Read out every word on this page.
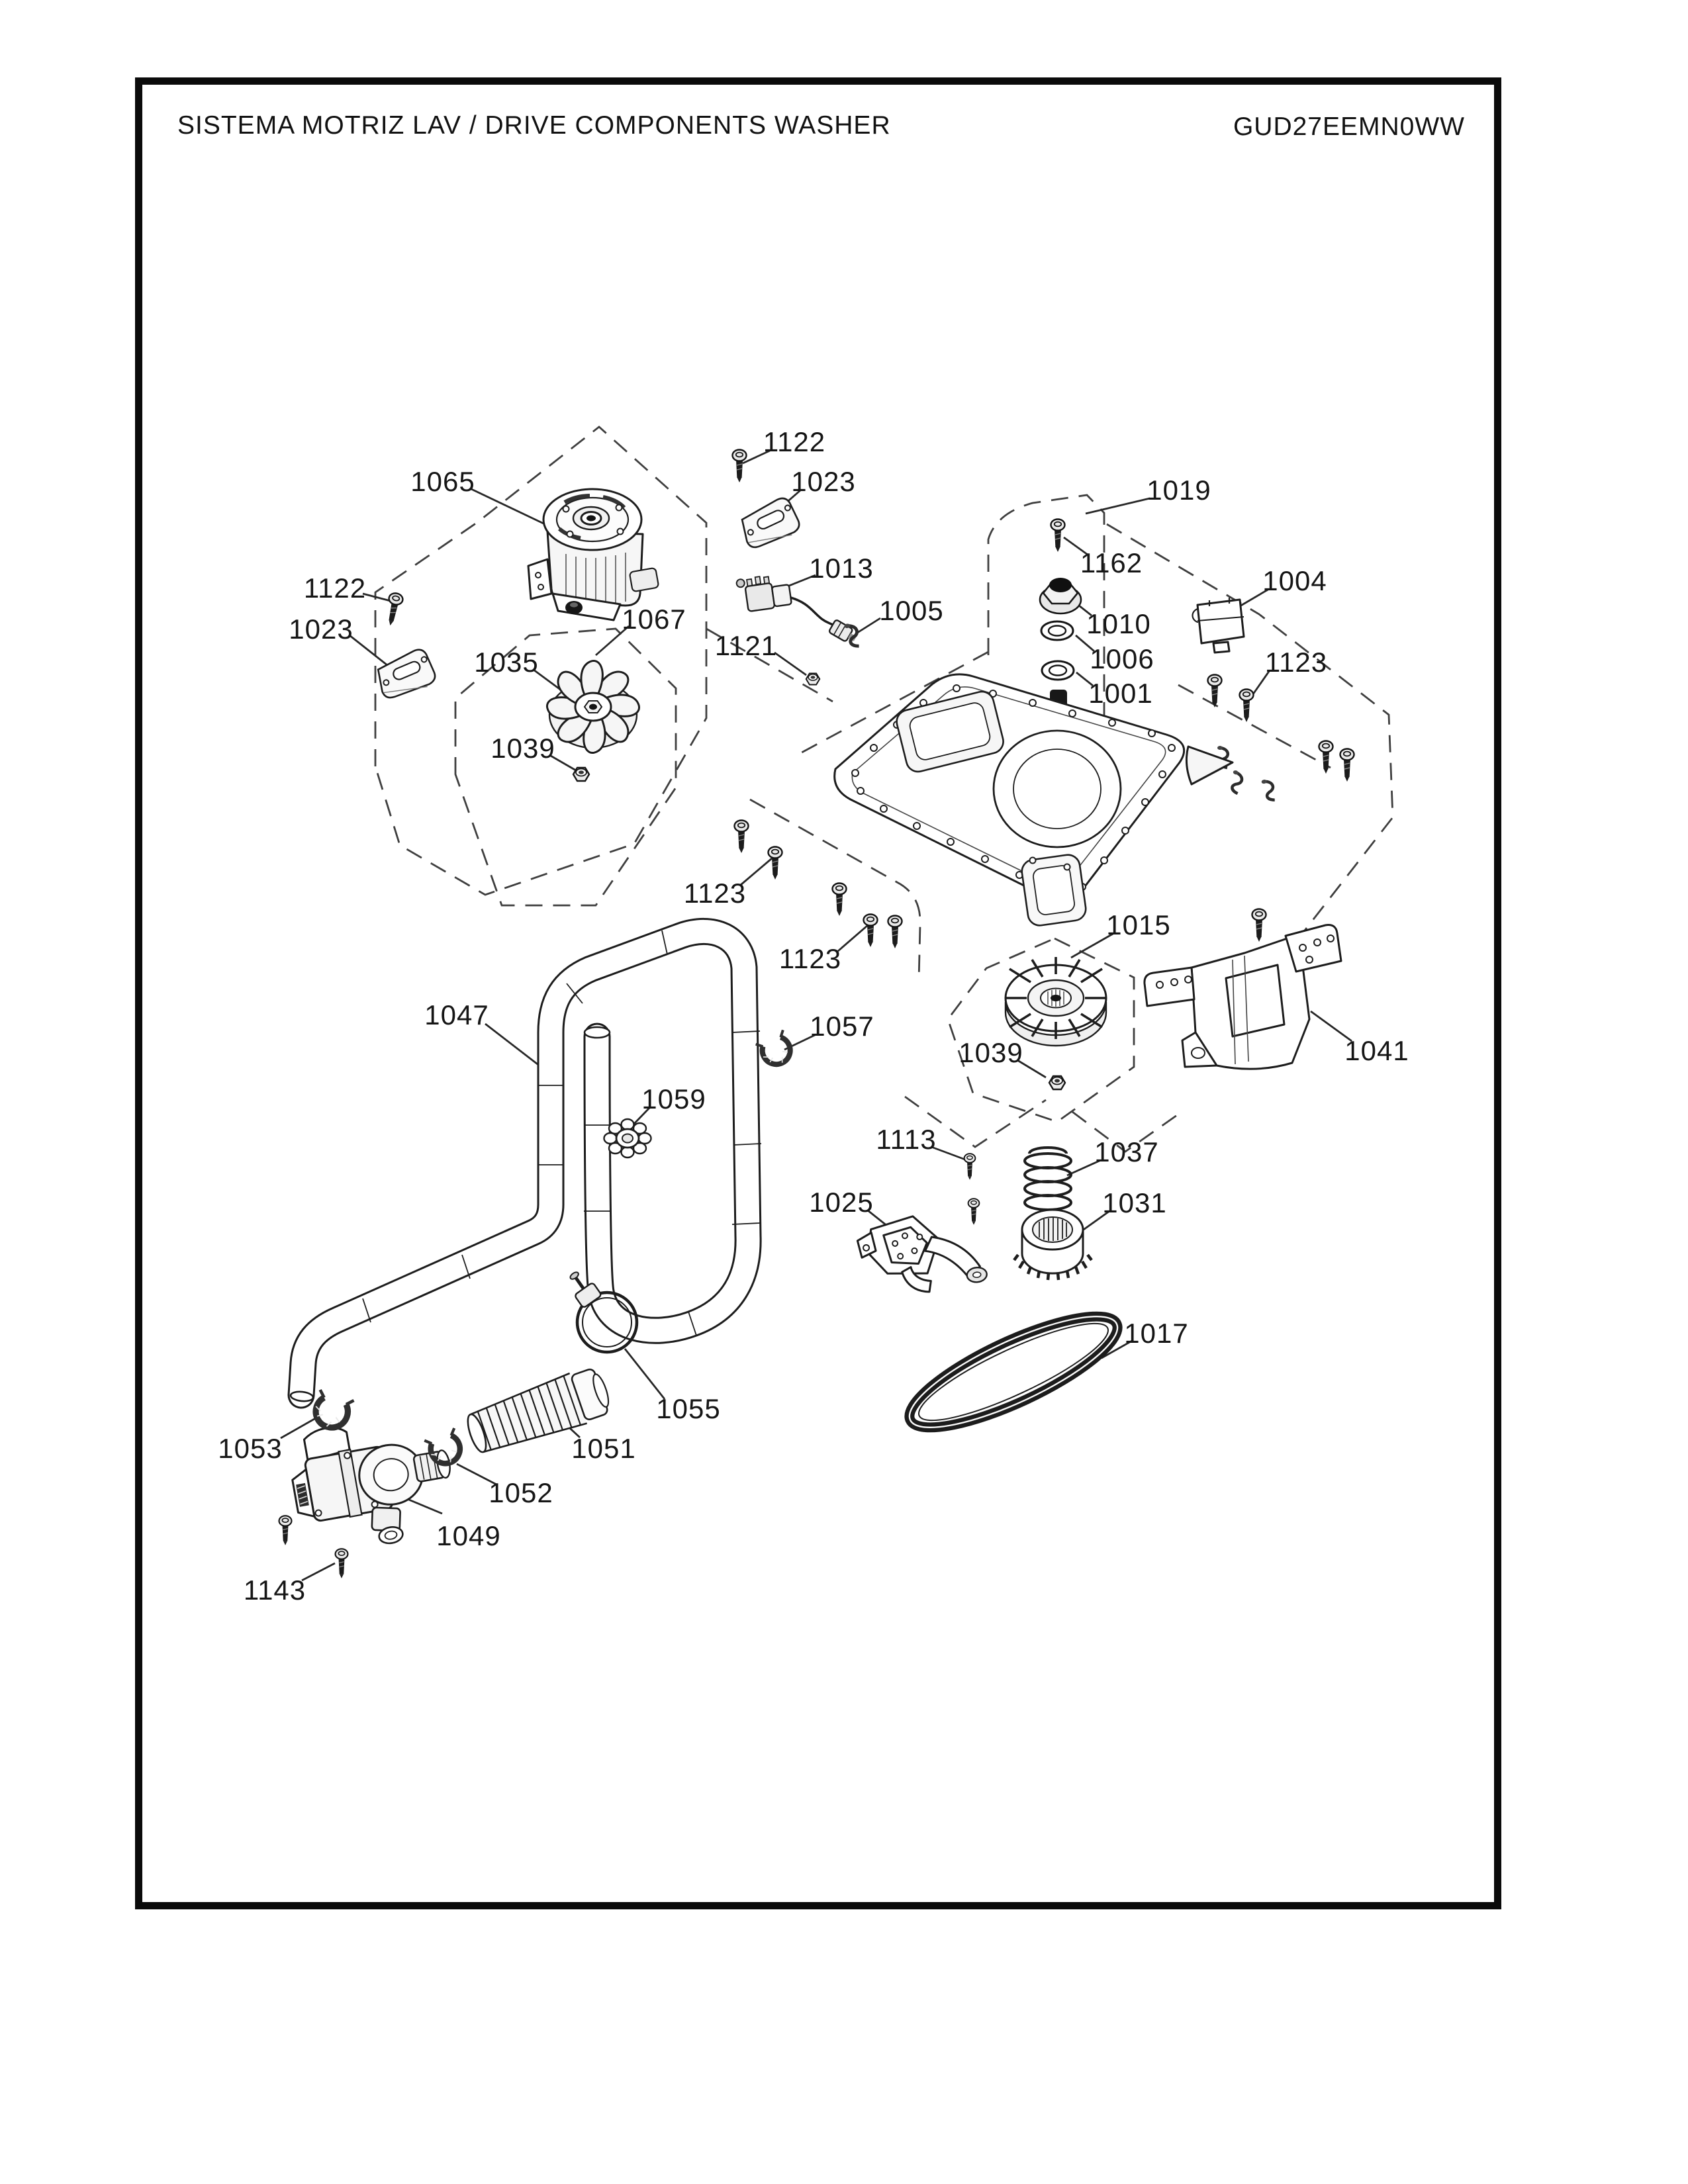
SISTEMA MOTRIZ LAV / DRIVE COMPONENTS WASHER	GUD27EEMN0WW
1122
1023
1065	1019
1162
1013	1004
1122
1023	1067	1005
1121
1010
1035	1006
1001
1123
1039
1123
1123
1015
1047	1057
1059
1039	1041
1113	1037
1025	1031
1017
1055
1051
1052
1053
1049
1143
